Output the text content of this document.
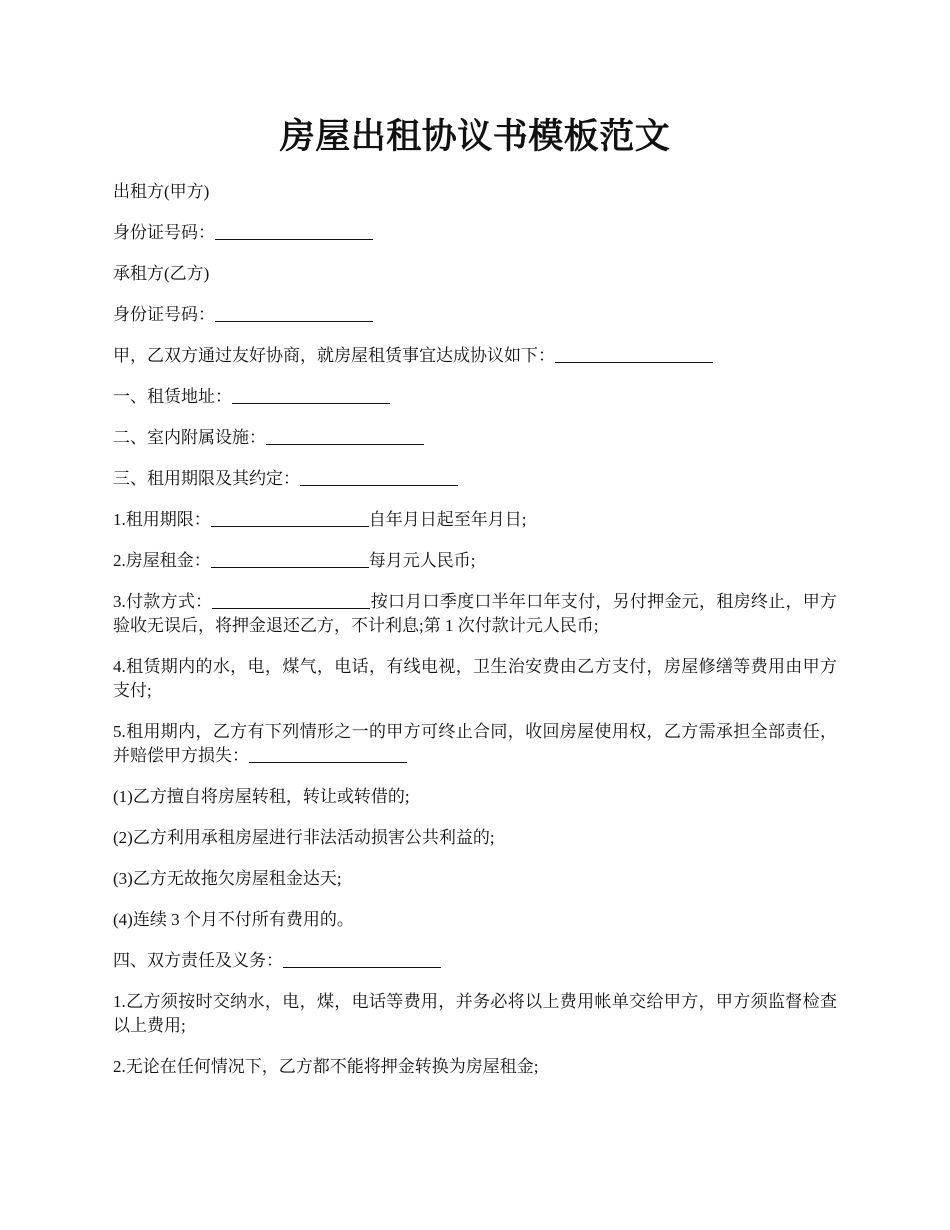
房屋出租协议书模板范文

出租方(甲方)

身份证号码：

承租方(乙方)

身份证号码：

甲，乙双方通过友好协商，就房屋租赁事宜达成协议如下：

一、租赁地址：

二、室内附属设施：

三、租用期限及其约定：

1.租用期限：	自年月日起至年月日;

2.房屋租金：	每月元人民币;

3.付款方式：	按口月口季度口半年口年支付，另付押金元，租房终止，甲方验收无误后，将押金退还乙方，不计利息;第 1 次付款计元人民币;

4.租赁期内的水，电，煤气，电话，有线电视，卫生治安费由乙方支付，房屋修缮等费用由甲方支付;

5.租用期内，乙方有下列情形之一的甲方可终止合同，收回房屋使用权，乙方需承担全部责任，并赔偿甲方损失：

(1)乙方擅自将房屋转租，转让或转借的;

(2)乙方利用承租房屋进行非法活动损害公共利益的;

(3)乙方无故拖欠房屋租金达天;

(4)连续 3 个月不付所有费用的。

四、双方责任及义务：

1.乙方须按时交纳水，电，煤，电话等费用，并务必将以上费用帐单交给甲方，甲方须监督检查以上费用;

2.无论在任何情况下，乙方都不能将押金转换为房屋租金;
